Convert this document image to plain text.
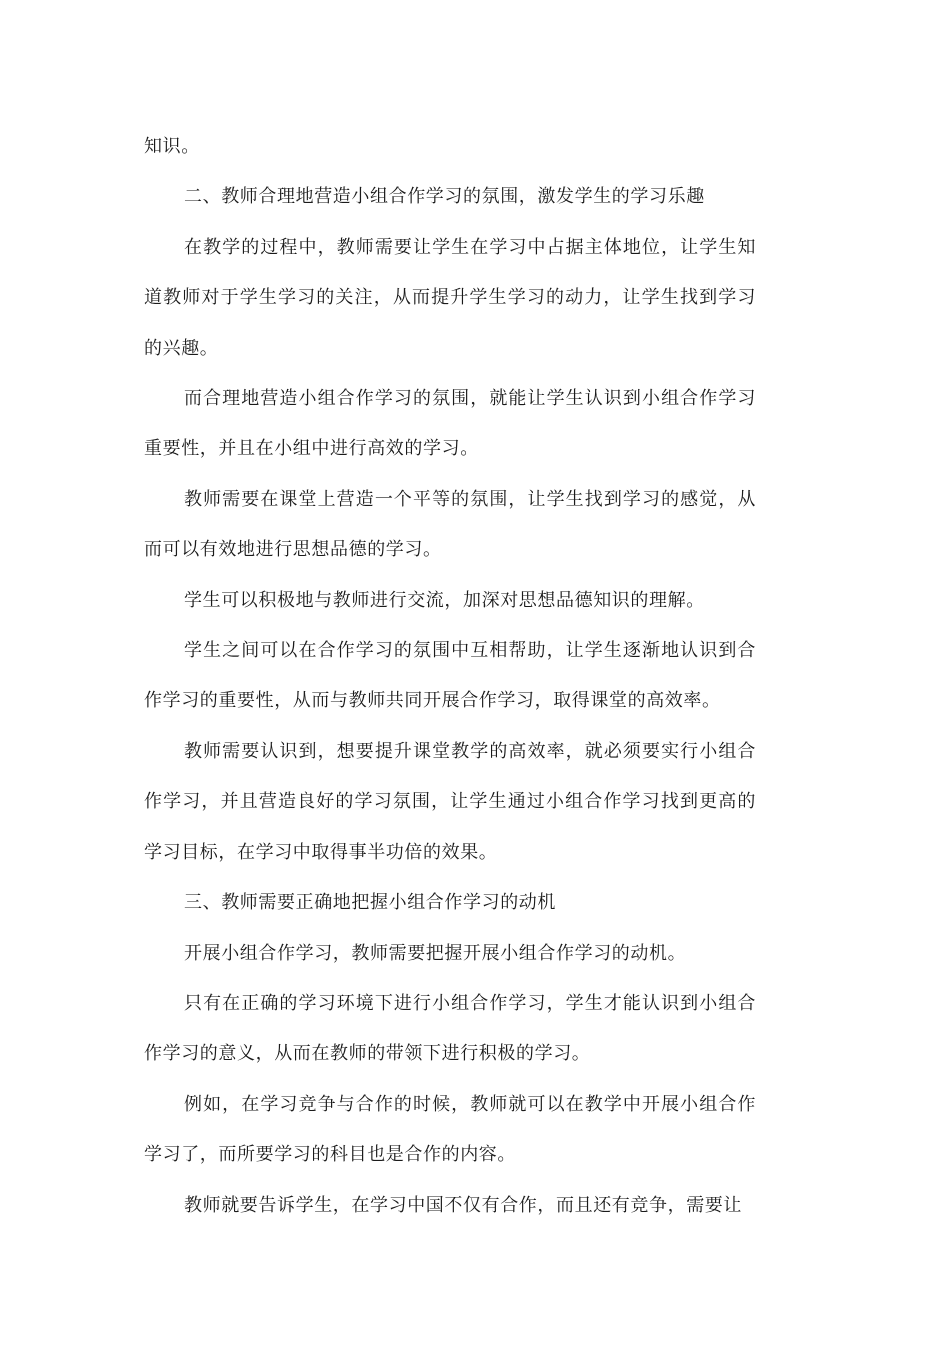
知识。

二、教师合理地营造小组合作学习的氛围，激发学生的学习乐趣

在教学的过程中，教师需要让学生在学习中占据主体地位，让学生知道教师对于学生学习的关注，从而提升学生学习的动力，让学生找到学习的兴趣。

而合理地营造小组合作学习的氛围，就能让学生认识到小组合作学习重要性，并且在小组中进行高效的学习。

教师需要在课堂上营造一个平等的氛围，让学生找到学习的感觉，从而可以有效地进行思想品德的学习。

学生可以积极地与教师进行交流，加深对思想品德知识的理解。

学生之间可以在合作学习的氛围中互相帮助，让学生逐渐地认识到合作学习的重要性，从而与教师共同开展合作学习，取得课堂的高效率。

教师需要认识到，想要提升课堂教学的高效率，就必须要实行小组合作学习，并且营造良好的学习氛围，让学生通过小组合作学习找到更高的学习目标，在学习中取得事半功倍的效果。

三、教师需要正确地把握小组合作学习的动机

开展小组合作学习，教师需要把握开展小组合作学习的动机。

只有在正确的学习环境下进行小组合作学习，学生才能认识到小组合作学习的意义，从而在教师的带领下进行积极的学习。

例如，在学习竞争与合作的时候，教师就可以在教学中开展小组合作学习了，而所要学习的科目也是合作的内容。

教师就要告诉学生，在学习中国不仅有合作，而且还有竞争，需要让
